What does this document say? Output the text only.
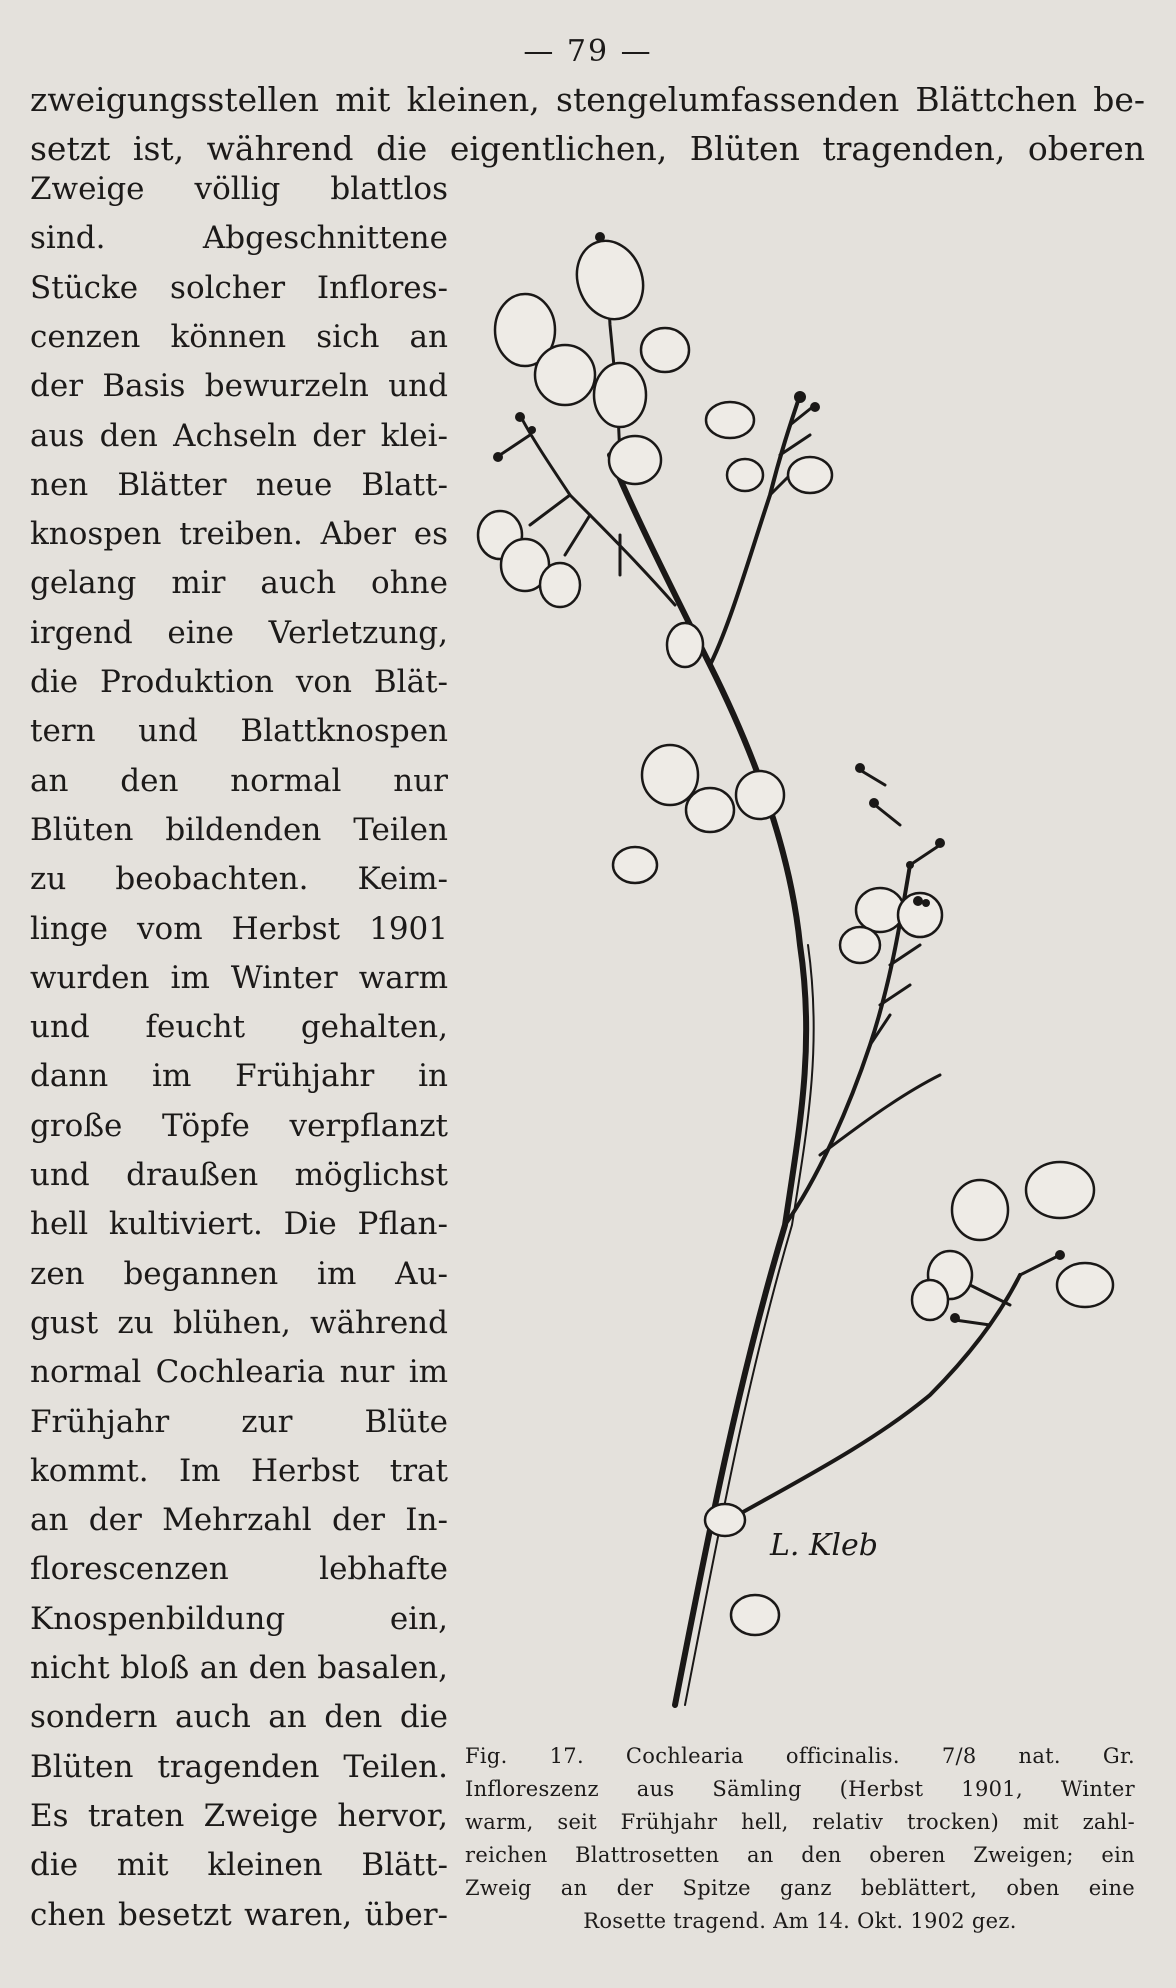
— 79 —
zweigungsstellen mit kleinen, stengelumfassenden Blättchen be-
setzt ist, während die eigentlichen, Blüten tragenden, oberen
Zweige völlig blattlos
sind. Abgeschnittene
Stücke solcher Inflores-
cenzen können sich an
der Basis bewurzeln und
aus den Achseln der klei-
nen Blätter neue Blatt-
knospen treiben. Aber es
gelang mir auch ohne
irgend eine Verletzung,
die Produktion von Blät-
tern und Blattknospen
an den normal nur
Blüten bildenden Teilen
zu beobachten. Keim-
linge vom Herbst 1901
wurden im Winter warm
und feucht gehalten,
dann im Frühjahr in
große Töpfe verpflanzt
und draußen möglichst
hell kultiviert. Die Pflan-
zen begannen im Au-
gust zu blühen, während
normal Cochlearia nur im
Frühjahr zur Blüte
kommt. Im Herbst trat
an der Mehrzahl der In-
florescenzen lebhafte
Knospenbildung ein,
nicht bloß an den basalen,
sondern auch an den die
Blüten tragenden Teilen.
Es traten Zweige hervor,
die mit kleinen Blätt-
chen besetzt waren, über-
L. Kleb
Fig. 17. Cochlearia officinalis. 7/8 nat. Gr.
Infloreszenz aus Sämling (Herbst 1901, Winter
warm, seit Frühjahr hell, relativ trocken) mit zahl-
reichen Blattrosetten an den oberen Zweigen; ein
Zweig an der Spitze ganz beblättert, oben eine
Rosette tragend. Am 14. Okt. 1902 gez.
